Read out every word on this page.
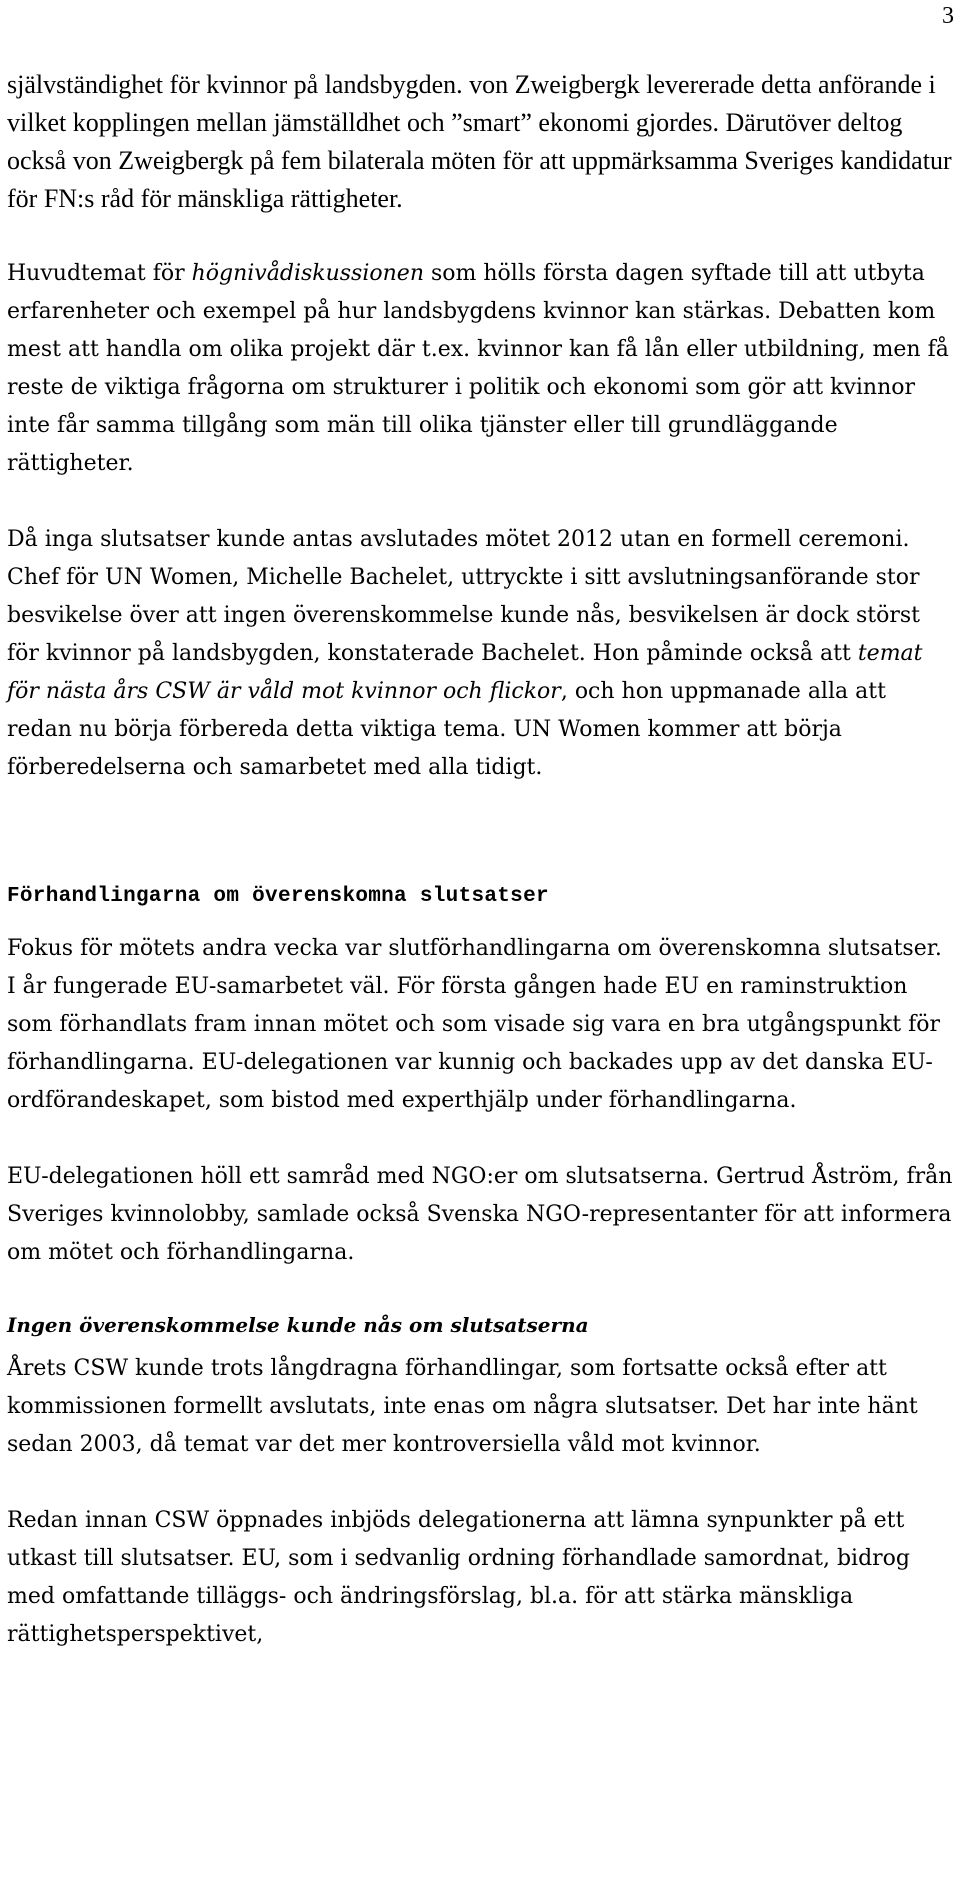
3

självständighet för kvinnor på landsbygden. von Zweigbergk levererade detta anförande i vilket kopplingen mellan jämställdhet och ”smart” ekonomi gjordes. Därutöver deltog också von Zweigbergk på fem bilaterala möten för att uppmärksamma Sveriges kandidatur för FN:s råd för mänskliga rättigheter.

Huvudtemat för högnivådiskussionen som hölls första dagen syftade till att utbyta erfarenheter och exempel på hur landsbygdens kvinnor kan stärkas. Debatten kom mest att handla om olika projekt där t.ex. kvinnor kan få lån eller utbildning, men få reste de viktiga frågorna om strukturer i politik och ekonomi som gör att kvinnor inte får samma tillgång som män till olika tjänster eller till grundläggande rättigheter.

Då inga slutsatser kunde antas avslutades mötet 2012 utan en formell ceremoni. Chef för UN Women, Michelle Bachelet, uttryckte i sitt avslutningsanförande stor besvikelse över att ingen överenskommelse kunde nås, besvikelsen är dock störst för kvinnor på landsbygden, konstaterade Bachelet. Hon påminde också att temat för nästa års CSW är våld mot kvinnor och flickor, och hon uppmanade alla att redan nu börja förbereda detta viktiga tema. UN Women kommer att börja förberedelserna och samarbetet med alla tidigt.

Förhandlingarna om överenskomna slutsatser

Fokus för mötets andra vecka var slutförhandlingarna om överenskomna slutsatser. I år fungerade EU-samarbetet väl. För första gången hade EU en raminstruktion som förhandlats fram innan mötet och som visade sig vara en bra utgångspunkt för förhandlingarna. EU-delegationen var kunnig och backades upp av det danska EU-ordförandeskapet, som bistod med experthjälp under förhandlingarna.

EU-delegationen höll ett samråd med NGO:er om slutsatserna. Gertrud Åström, från Sveriges kvinnolobby, samlade också Svenska NGO-representanter för att informera om mötet och förhandlingarna.

Ingen överenskommelse kunde nås om slutsatserna

Årets CSW kunde trots långdragna förhandlingar, som fortsatte också efter att kommissionen formellt avslutats, inte enas om några slutsatser. Det har inte hänt sedan 2003, då temat var det mer kontroversiella våld mot kvinnor.

Redan innan CSW öppnades inbjöds delegationerna att lämna synpunkter på ett utkast till slutsatser. EU, som i sedvanlig ordning förhandlade samordnat, bidrog med omfattande tilläggs- och ändringsförslag, bl.a. för att stärka mänskliga rättighetsperspektivet,
